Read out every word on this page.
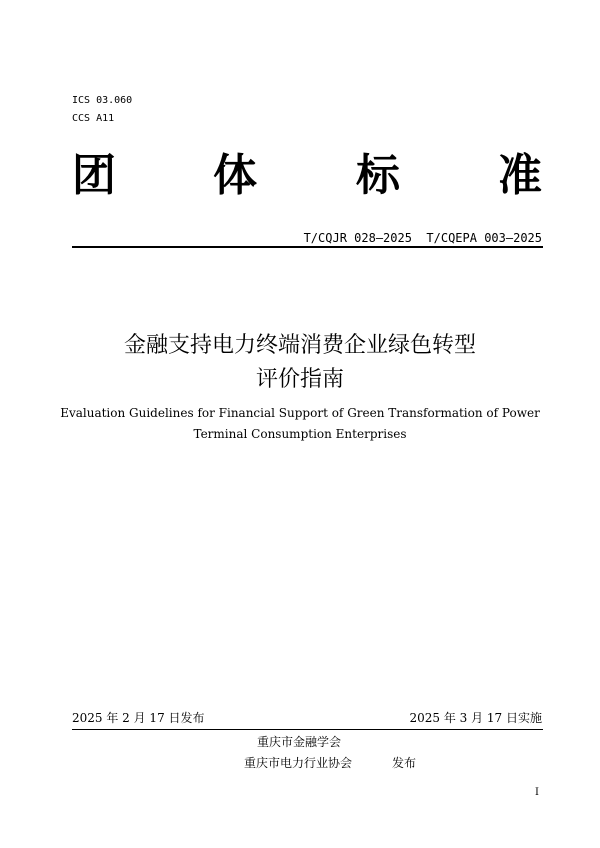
ICS 03.060
CCS A11
团 体 标 准
T/CQJR 028—2025  T/CQEPA 003—2025
金融支持电力终端消费企业绿色转型
评价指南
Evaluation Guidelines for Financial Support of Green Transformation of Power
Terminal Consumption Enterprises
2025 年 2 月 17 日发布	2025 年 3 月 17 日实施
重庆市金融学会
重庆市电力行业协会	发布
I
